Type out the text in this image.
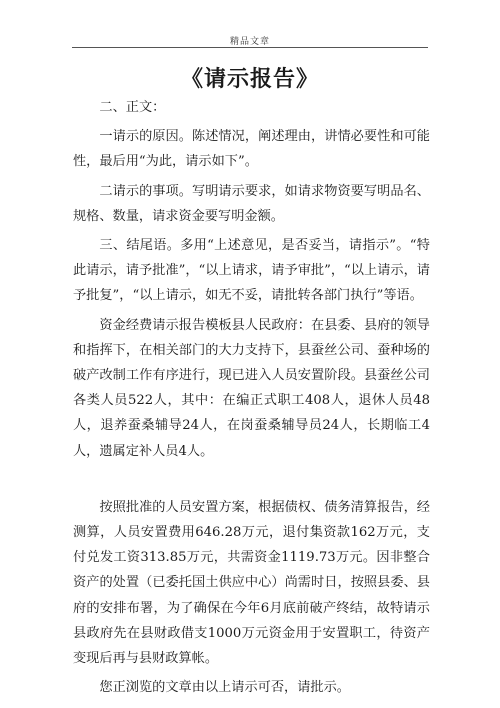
精品文章
《请示报告》

二、正文：

一请示的原因。陈述情况，阐述理由，讲情必要性和可能性，最后用“为此，请示如下”。

二请示的事项。写明请示要求，如请求物资要写明品名、规格、数量，请求资金要写明金额。

三、结尾语。多用“上述意见，是否妥当，请指示”。“特此请示，请予批准”，“以上请求，请予审批”，“以上请示，请予批复”，“以上请示，如无不妥，请批转各部门执行”等语。

资金经费请示报告模板县人民政府：在县委、县府的领导和指挥下，在相关部门的大力支持下，县蚕丝公司、蚕种场的破产改制工作有序进行，现已进入人员安置阶段。县蚕丝公司各类人员522人，其中：在编正式职工408人，退休人员48人，退养蚕桑辅导24人，在岗蚕桑辅导员24人，长期临工4人，遗属定补人员4人。

按照批准的人员安置方案，根据债权、债务清算报告，经测算，人员安置费用646.28万元，退付集资款162万元，支付兑发工资313.85万元，共需资金1119.73万元。因非整合资产的处置（已委托国土供应中心）尚需时日，按照县委、县府的安排布署，为了确保在今年6月底前破产终结，故特请示县政府先在县财政借支1000万元资金用于安置职工，待资产变现后再与县财政算帐。

您正浏览的文章由以上请示可否，请批示。
